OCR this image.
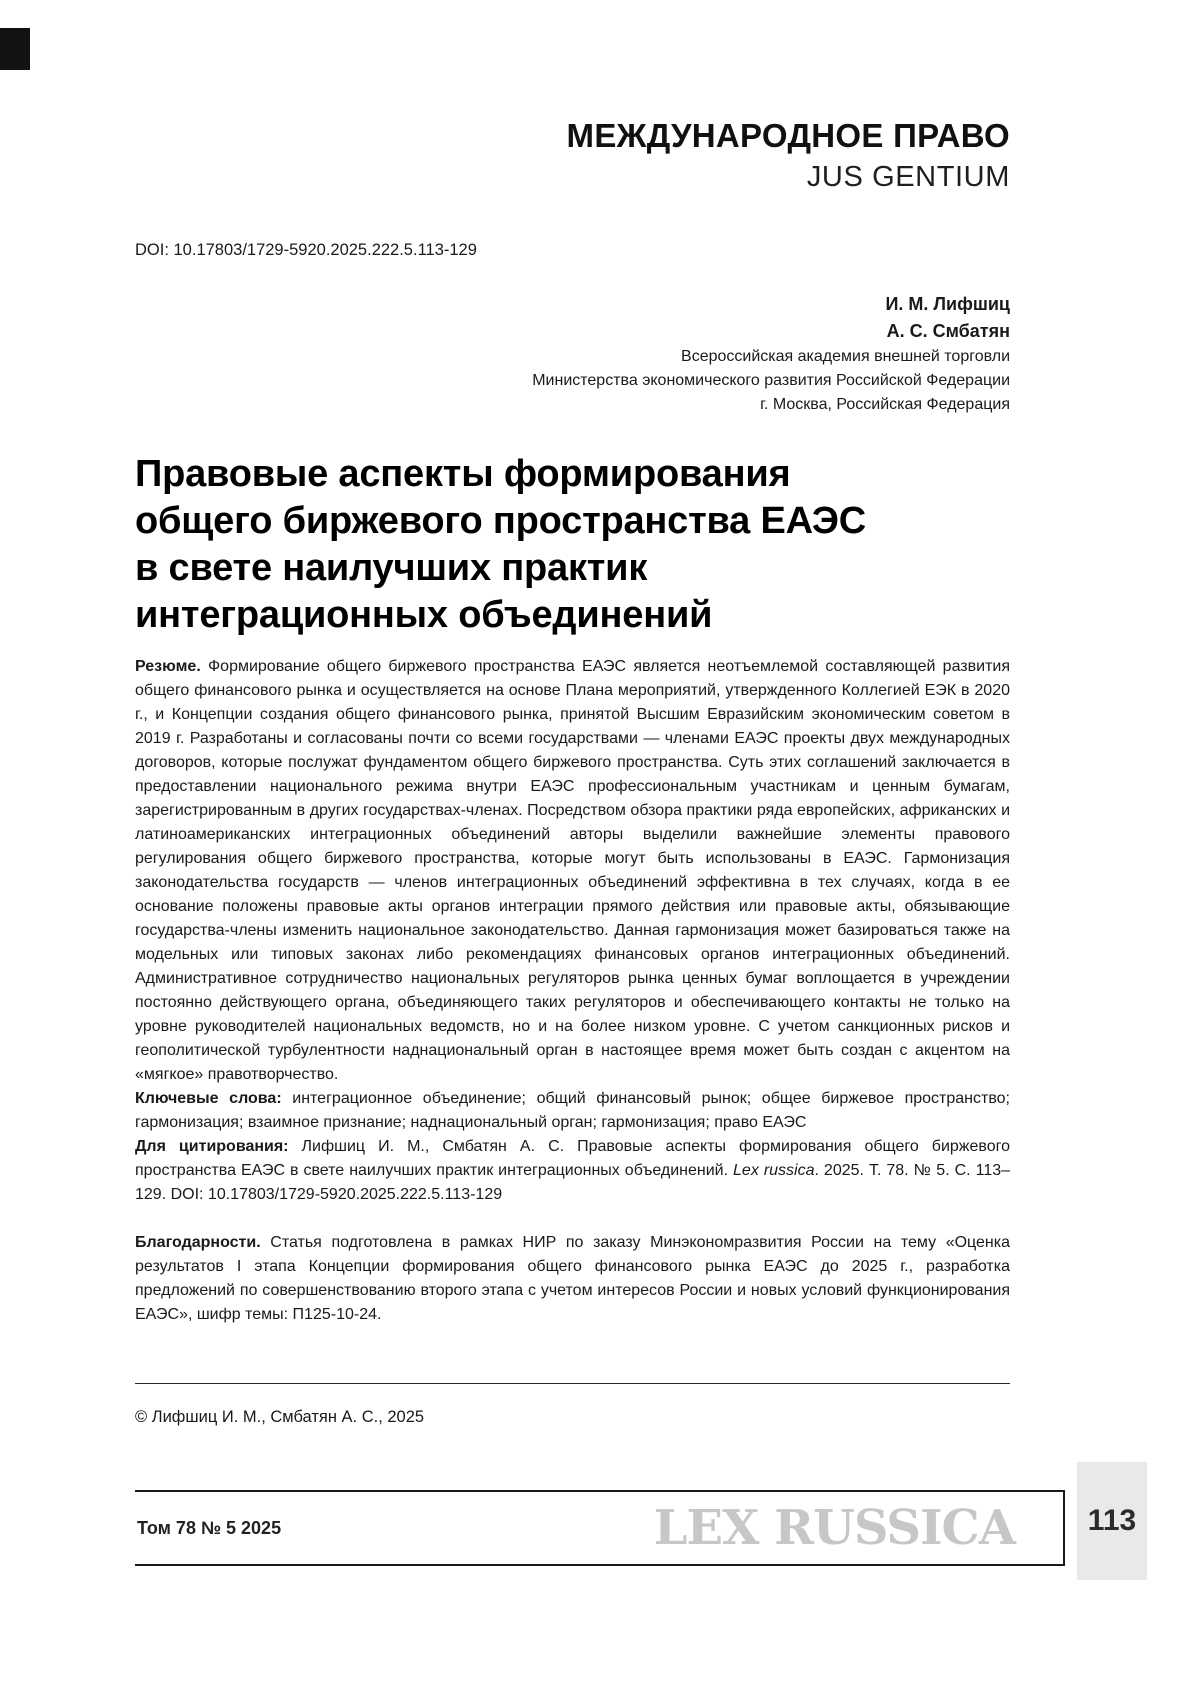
МЕЖДУНАРОДНОЕ ПРАВО
JUS GENTIUM
DOI: 10.17803/1729-5920.2025.222.5.113-129
И. М. Лифшиц
А. С. Смбатян
Всероссийская академия внешней торговли
Министерства экономического развития Российской Федерации
г. Москва, Российская Федерация
Правовые аспекты формирования
общего биржевого пространства ЕАЭС
в свете наилучших практик
интеграционных объединений

Резюме. Формирование общего биржевого пространства ЕАЭС является неотъемлемой составляющей развития общего финансового рынка и осуществляется на основе Плана мероприятий, утвержденного Коллегией ЕЭК в 2020 г., и Концепции создания общего финансового рынка, принятой Высшим Евразийским экономическим советом в 2019 г. Разработаны и согласованы почти со всеми государствами — членами ЕАЭС проекты двух международных договоров, которые послужат фундаментом общего биржевого пространства. Суть этих соглашений заключается в предоставлении национального режима внутри ЕАЭС профессиональным участникам и ценным бумагам, зарегистрированным в других государствах-членах. Посредством обзора практики ряда европейских, африканских и латиноамериканских интеграционных объединений авторы выделили важнейшие элементы правового регулирования общего биржевого пространства, которые могут быть использованы в ЕАЭС. Гармонизация законодательства государств — членов интеграционных объединений эффективна в тех случаях, когда в ее основание положены правовые акты органов интеграции прямого действия или правовые акты, обязывающие государства-члены изменить национальное законодательство. Данная гармонизация может базироваться также на модельных или типовых законах либо рекомендациях финансовых органов интеграционных объединений. Административное сотрудничество национальных регуляторов рынка ценных бумаг воплощается в учреждении постоянно действующего органа, объединяющего таких регуляторов и обеспечивающего контакты не только на уровне руководителей национальных ведомств, но и на более низком уровне. С учетом санкционных рисков и геополитической турбулентности наднациональный орган в настоящее время может быть создан с акцентом на «мягкое» правотворчество.

Ключевые слова: интеграционное объединение; общий финансовый рынок; общее биржевое пространство; гармонизация; взаимное признание; наднациональный орган; гармонизация; право ЕАЭС

Для цитирования: Лифшиц И. М., Смбатян А. С. Правовые аспекты формирования общего биржевого пространства ЕАЭС в свете наилучших практик интеграционных объединений. Lex russica. 2025. Т. 78. № 5. С. 113–129. DOI: 10.17803/1729-5920.2025.222.5.113-129

Благодарности. Статья подготовлена в рамках НИР по заказу Минэкономразвития России на тему «Оценка результатов I этапа Концепции формирования общего финансового рынка ЕАЭС до 2025 г., разработка предложений по совершенствованию второго этапа с учетом интересов России и новых условий функционирования ЕАЭС», шифр темы: П125-10-24.

© Лифшиц И. М., Смбатян А. С., 2025
Том 78 № 5 2025	LEX RUSSICA	113
